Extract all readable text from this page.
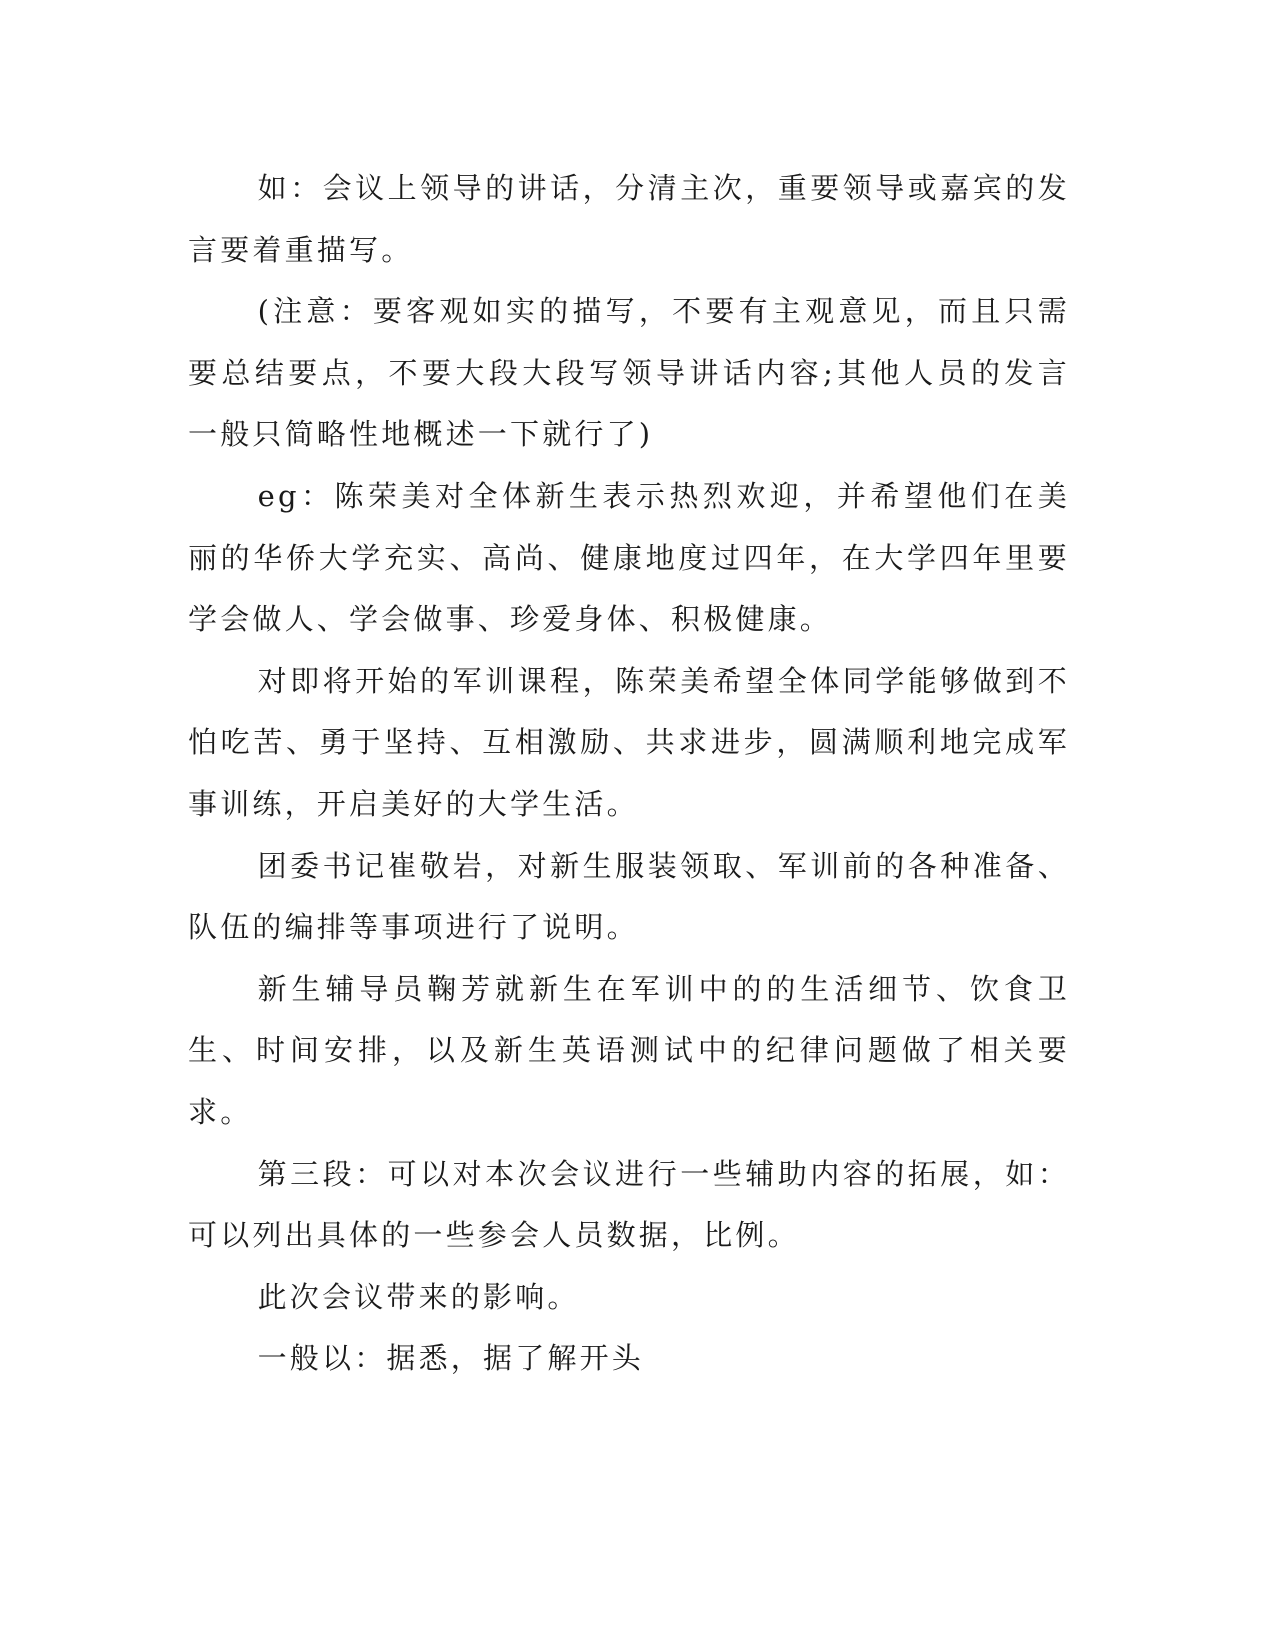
如：会议上领导的讲话，分清主次，重要领导或嘉宾的发言要着重描写。

(注意：要客观如实的描写，不要有主观意见，而且只需要总结要点，不要大段大段写领导讲话内容;其他人员的发言一般只简略性地概述一下就行了)

eg：陈荣美对全体新生表示热烈欢迎，并希望他们在美丽的华侨大学充实、高尚、健康地度过四年，在大学四年里要学会做人、学会做事、珍爱身体、积极健康。

对即将开始的军训课程，陈荣美希望全体同学能够做到不怕吃苦、勇于坚持、互相激励、共求进步，圆满顺利地完成军事训练，开启美好的大学生活。

团委书记崔敬岩，对新生服装领取、军训前的各种准备、队伍的编排等事项进行了说明。

新生辅导员鞠芳就新生在军训中的的生活细节、饮食卫生、时间安排，以及新生英语测试中的纪律问题做了相关要求。

第三段：可以对本次会议进行一些辅助内容的拓展，如：可以列出具体的一些参会人员数据，比例。

此次会议带来的影响。

一般以：据悉，据了解开头
